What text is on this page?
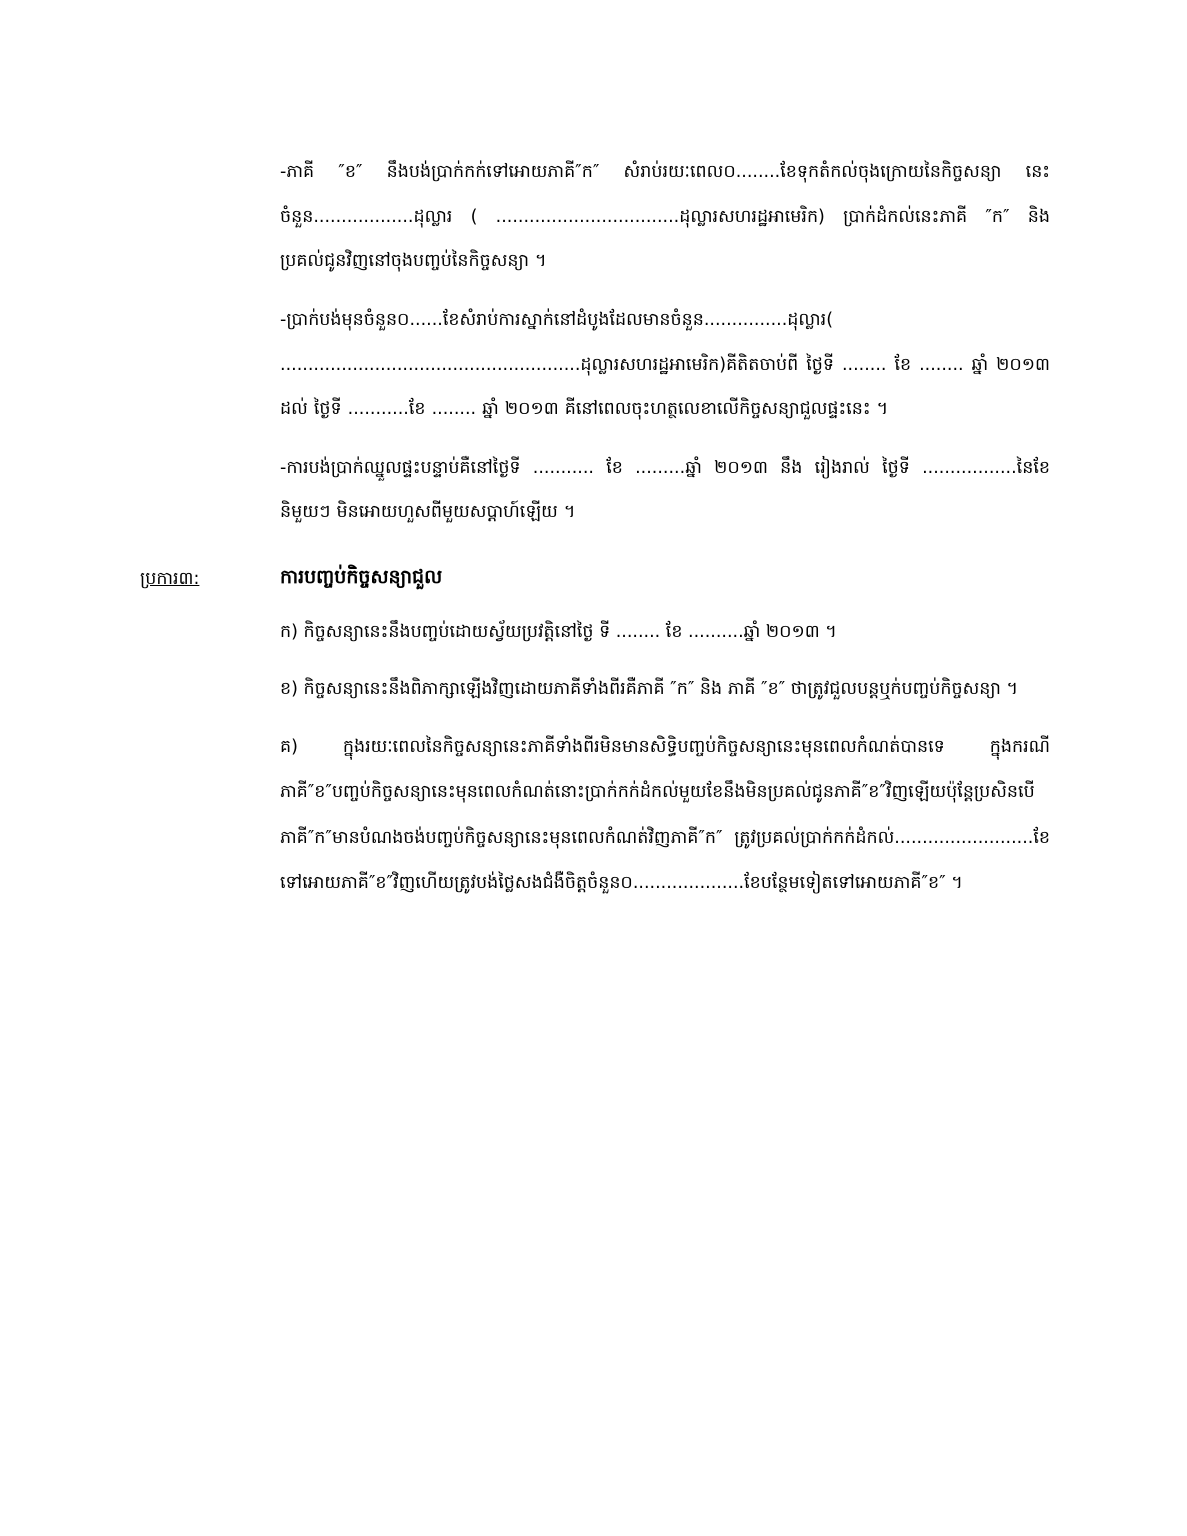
-ភាគី ″ខ″ នឹងបង់ប្រាក់កក់ទៅអោយភាគី″ក″ សំរាប់រយៈពេល០........ខែទុកតំកល់ចុងក្រោយនៃកិច្ចសន្យា នេះចំនួន..................ដុល្លារ ( .................................ដុល្លារសហរដ្ឋអាមេរិក) ប្រាក់ដំកល់នេះភាគី ″ក″ និងប្រគល់ជូនវិញនៅចុងបញ្ចប់នៃកិច្ចសន្យា ។

-ប្រាក់បង់មុនចំនួន០......ខែសំរាប់ការស្នាក់នៅដំបូងដែលមានចំនួន...............ដុល្លារ( ......................................................ដុល្លារសហរដ្ឋអាមេរិក)គីតិតចាប់ពី ថ្ងៃទី ........ ខែ ........ ឆ្នាំ ២០១៣ ដល់ ថ្ងៃទី ...........ខែ ........ ឆ្នាំ ២០១៣ គីនៅពេលចុះហត្ថលេខាលើកិច្ចសន្យាជួលផ្ទះនេះ ។

-ការបង់ប្រាក់ឈ្នួលផ្ទះបន្ទាប់គឺនៅថ្ងៃទី ........... ខែ .........ឆ្នាំ ២០១៣ នឹង រៀងរាល់ ថ្ងៃទី .................នៃខែនិមួយៗ មិនអោយហួសពីមួយសប្តាហ៍ឡើយ ។

ប្រការ៣:	ការបញ្ចប់កិច្ចសន្យាជួល

ក) កិច្ចសន្យានេះនឹងបញ្ចប់ដោយស្វ័យប្រវត្តិនៅថ្ងៃ ទី ........ ខែ ..........ឆ្នាំ ២០១៣ ។

ខ) កិច្ចសន្យានេះនឹងពិភាក្សាឡើងវិញដោយភាគីទាំងពីរគឺភាគី ″ក″ និង ភាគី ″ខ″ ថាត្រូវជួលបន្តឬក់បញ្ចប់កិច្ចសន្យា ។

គ) ក្នុងរយៈពេលនៃកិច្ចសន្យានេះភាគីទាំងពីរមិនមានសិទ្ធិបញ្ចប់កិច្ចសន្យានេះមុនពេលកំណត់បានទេ ក្នុងករណីភាគី″ខ″បញ្ចប់កិច្ចសន្យានេះមុនពេលកំណត់នោះប្រាក់កក់ដំកល់មួយខែនឹងមិនប្រគល់ជូនភាគី″ខ″វិញឡើយប៉ុន្តែប្រសិនបើភាគី″ក″មានបំណងចង់បញ្ចប់កិច្ចសន្យានេះមុនពេលកំណត់វិញភាគី″ក″ ត្រូវប្រគល់ប្រាក់កក់ដំកល់.........................ខែទៅអោយភាគី″ខ″វិញហើយត្រូវបង់ថ្លៃសងជំងឺចិត្តចំនួន០....................ខែបន្ថែមទៀតទៅអោយភាគី″ខ″ ។
